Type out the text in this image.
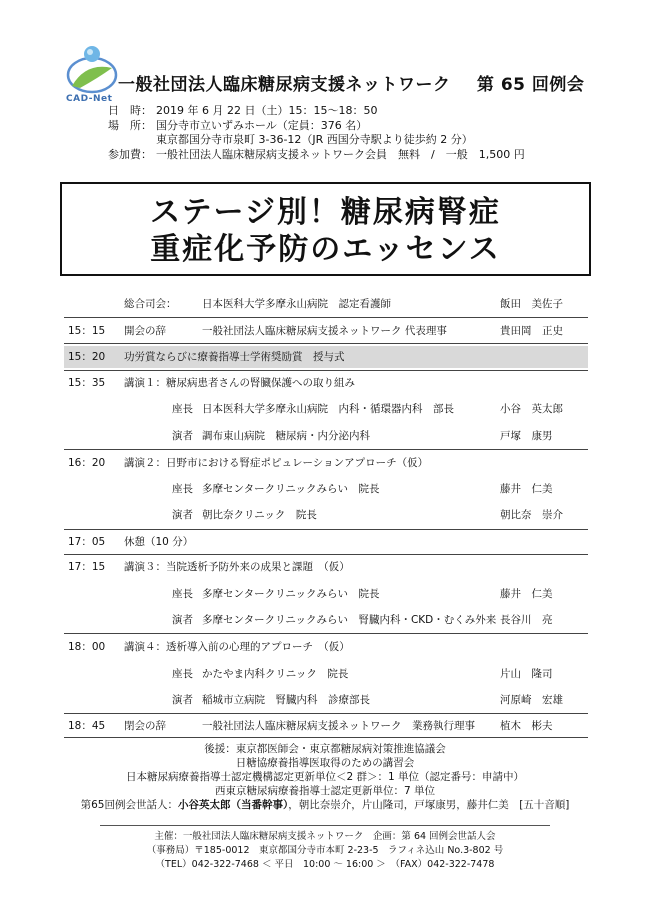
CAD-Net
一般社団法人臨床糖尿病支援ネットワーク 第 65 回例会
日　時： 2019 年 6 月 22 日（土）15：15〜18：50
場　所： 国分寺市立いずみホール（定員：376 名）
東京都国分寺市泉町 3-36-12（JR 西国分寺駅より徒歩約 2 分）
参加費： 一般社団法人臨床糖尿病支援ネットワーク会員　無料　/　一般　1,500 円
ステージ別！糖尿病腎症
重症化予防のエッセンス
総合司会： 日本医科大学多摩永山病院　認定看護師	飯田　美佐子
15：15 開会の辞	一般社団法人臨床糖尿病支援ネットワーク 代表理事	貴田岡　正史
15：20 功労賞ならびに療養指導士学術奨励賞　授与式
15：35 講演１：糖尿病患者さんの腎臓保護への取り組み
座長 日本医科大学多摩永山病院　内科・循環器内科　部長	小谷　英太郎
演者 調布東山病院　糖尿病・内分泌内科	戸塚　康男
16：20 講演２：日野市における腎症ポピュレーションアプローチ（仮）
座長 多摩センタークリニックみらい　院長	藤井　仁美
演者 朝比奈クリニック　院長	朝比奈　崇介
17：05 休憩（10 分）
17：15 講演３：当院透析予防外来の成果と課題　（仮）
座長 多摩センタークリニックみらい　院長	藤井　仁美
演者 多摩センタークリニックみらい　腎臓内科・CKD・むくみ外来 長谷川　亮
18：00 講演４：透析導入前の心理的アプローチ　（仮）
座長 かたやま内科クリニック　院長	片山　隆司
演者 稲城市立病院　腎臓内科　診療部長	河原崎　宏雄
18：45 閉会の辞	一般社団法人臨床糖尿病支援ネットワーク　業務執行理事 植木　彬夫
後援：東京都医師会・東京都糖尿病対策推進協議会
日糖協療養指導医取得のための講習会
日本糖尿病療養指導士認定機構認定更新単位＜2 群＞：1 単位（認定番号：申請中）
西東京糖尿病療養指導士認定更新単位：7 単位
第65回例会世話人：小谷英太郎（当番幹事），朝比奈崇介，片山隆司，戸塚康男，藤井仁美　[五十音順]
主催：一般社団法人臨床糖尿病支援ネットワーク　企画：第 64 回例会世話人会
（事務局）〒185-0012　東京都国分寺市本町 2-23-5　ラフィネ込山 No.3-802 号
（TEL）042-322-7468 ＜ 平日　10:00 〜 16:00 ＞　（FAX）042-322-7478
